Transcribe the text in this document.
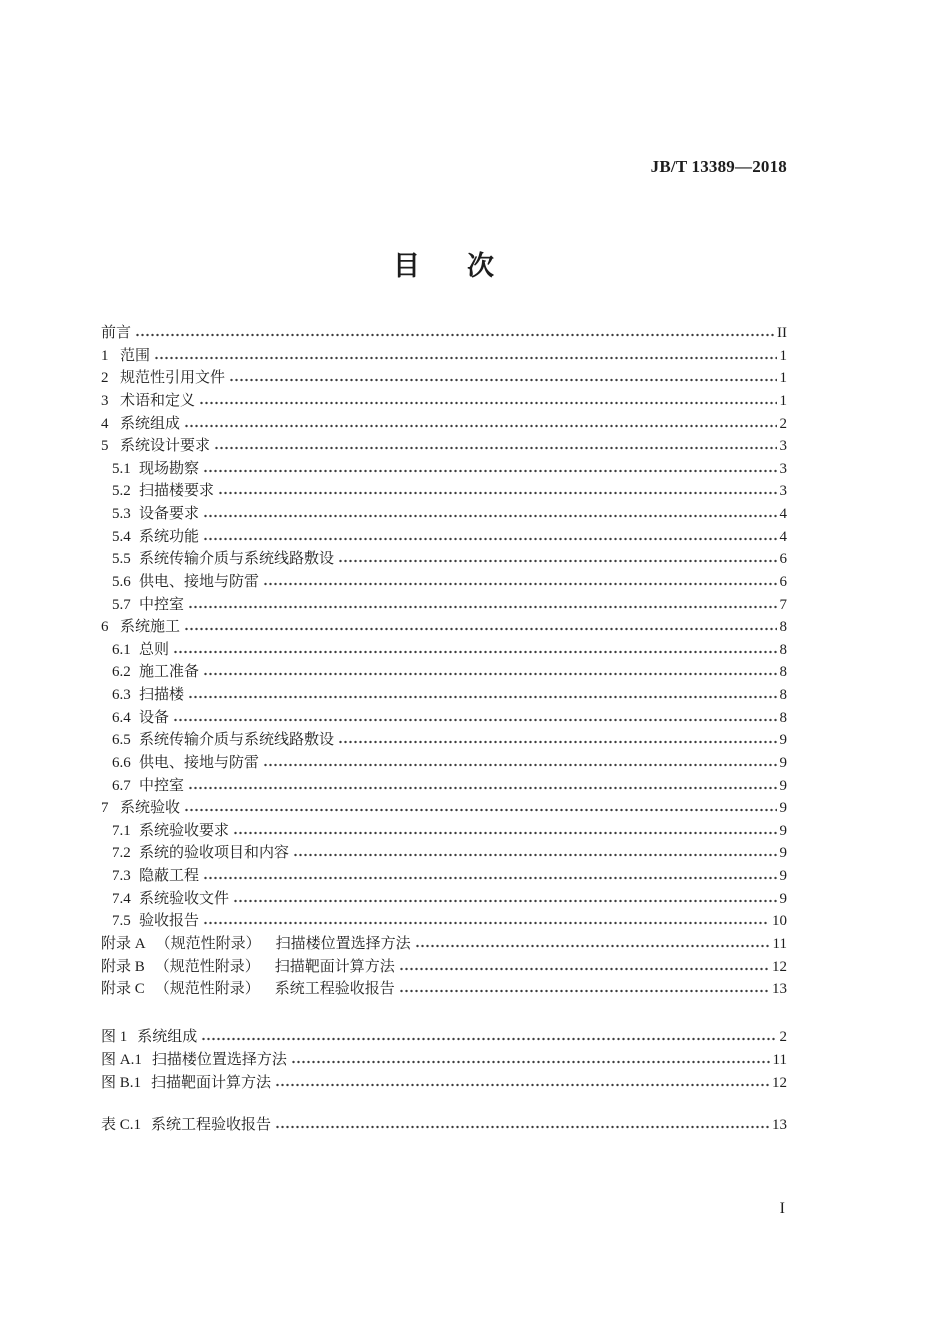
JB/T 13389—2018
目 次
前言	II
1 范围	1
2 规范性引用文件	1
3 术语和定义	1
4 系统组成	2
5 系统设计要求	3
5.1 现场勘察	3
5.2 扫描楼要求	3
5.3 设备要求	4
5.4 系统功能	4
5.5 系统传输介质与系统线路敷设	6
5.6 供电、接地与防雷	6
5.7 中控室	7
6 系统施工	8
6.1 总则	8
6.2 施工准备	8
6.3 扫描楼	8
6.4 设备	8
6.5 系统传输介质与系统线路敷设	9
6.6 供电、接地与防雷	9
6.7 中控室	9
7 系统验收	9
7.1 系统验收要求	9
7.2 系统的验收项目和内容	9
7.3 隐蔽工程	9
7.4 系统验收文件	9
7.5 验收报告	10
附录 A （规范性附录） 扫描楼位置选择方法	11
附录 B （规范性附录） 扫描靶面计算方法	12
附录 C （规范性附录） 系统工程验收报告	13
图 1 系统组成	2
图 A.1 扫描楼位置选择方法	11
图 B.1 扫描靶面计算方法	12
表 C.1 系统工程验收报告	13
I
